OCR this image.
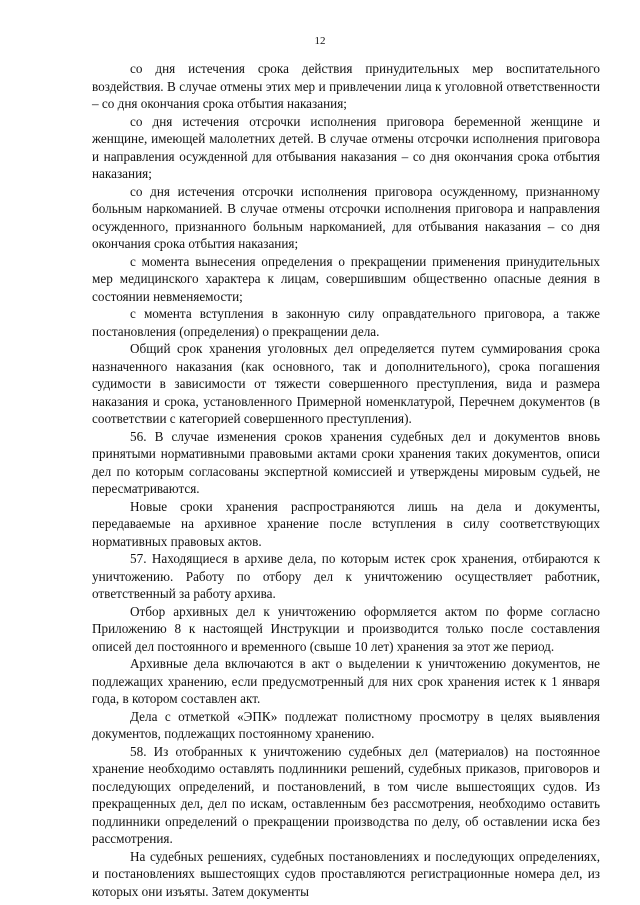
12

со дня истечения срока действия принудительных мер воспитательного воздействия. В случае отмены этих мер и привлечении лица к уголовной ответственности – со дня окончания срока отбытия наказания;

со дня истечения отсрочки исполнения приговора беременной женщине и женщине, имеющей малолетних детей. В случае отмены отсрочки исполнения приговора и направления осужденной для отбывания наказания – со дня окончания срока отбытия наказания;

со дня истечения отсрочки исполнения приговора осужденному, признанному больным наркоманией. В случае отмены отсрочки исполнения приговора и направления осужденного, признанного больным наркоманией, для отбывания наказания – со дня окончания срока отбытия наказания;

с момента вынесения определения о прекращении применения принудительных мер медицинского характера к лицам, совершившим общественно опасные деяния в состоянии невменяемости;

с момента вступления в законную силу оправдательного приговора, а также постановления (определения) о прекращении дела.

Общий срок хранения уголовных дел определяется путем суммирования срока назначенного наказания (как основного, так и дополнительного), срока погашения судимости в зависимости от тяжести совершенного преступления, вида и размера наказания и срока, установленного Примерной номенклатурой, Перечнем документов (в соответствии с категорией совершенного преступления).

56. В случае изменения сроков хранения судебных дел и документов вновь принятыми нормативными правовыми актами сроки хранения таких документов, описи дел по которым согласованы экспертной комиссией и утверждены мировым судьей, не пересматриваются.

Новые сроки хранения распространяются лишь на дела и документы, передаваемые на архивное хранение после вступления в силу соответствующих нормативных правовых актов.

57. Находящиеся в архиве дела, по которым истек срок хранения, отбираются к уничтожению. Работу по отбору дел к уничтожению осуществляет работник, ответственный за работу архива.

Отбор архивных дел к уничтожению оформляется актом по форме согласно Приложению 8 к настоящей Инструкции и производится только после составления описей дел постоянного и временного (свыше 10 лет) хранения за этот же период.

Архивные дела включаются в акт о выделении к уничтожению документов, не подлежащих хранению, если предусмотренный для них срок хранения истек к 1 января года, в котором составлен акт.

Дела с отметкой «ЭПК» подлежат полистному просмотру в целях выявления документов, подлежащих постоянному хранению.

58. Из отобранных к уничтожению судебных дел (материалов) на постоянное хранение необходимо оставлять подлинники решений, судебных приказов, приговоров и последующих определений, и постановлений, в том числе вышестоящих судов. Из прекращенных дел, дел по искам, оставленным без рассмотрения, необходимо оставить подлинники определений о прекращении производства по делу, об оставлении иска без рассмотрения.

На судебных решениях, судебных постановлениях и последующих определениях, и постановлениях вышестоящих судов проставляются регистрационные номера дел, из которых они изъяты. Затем документы
